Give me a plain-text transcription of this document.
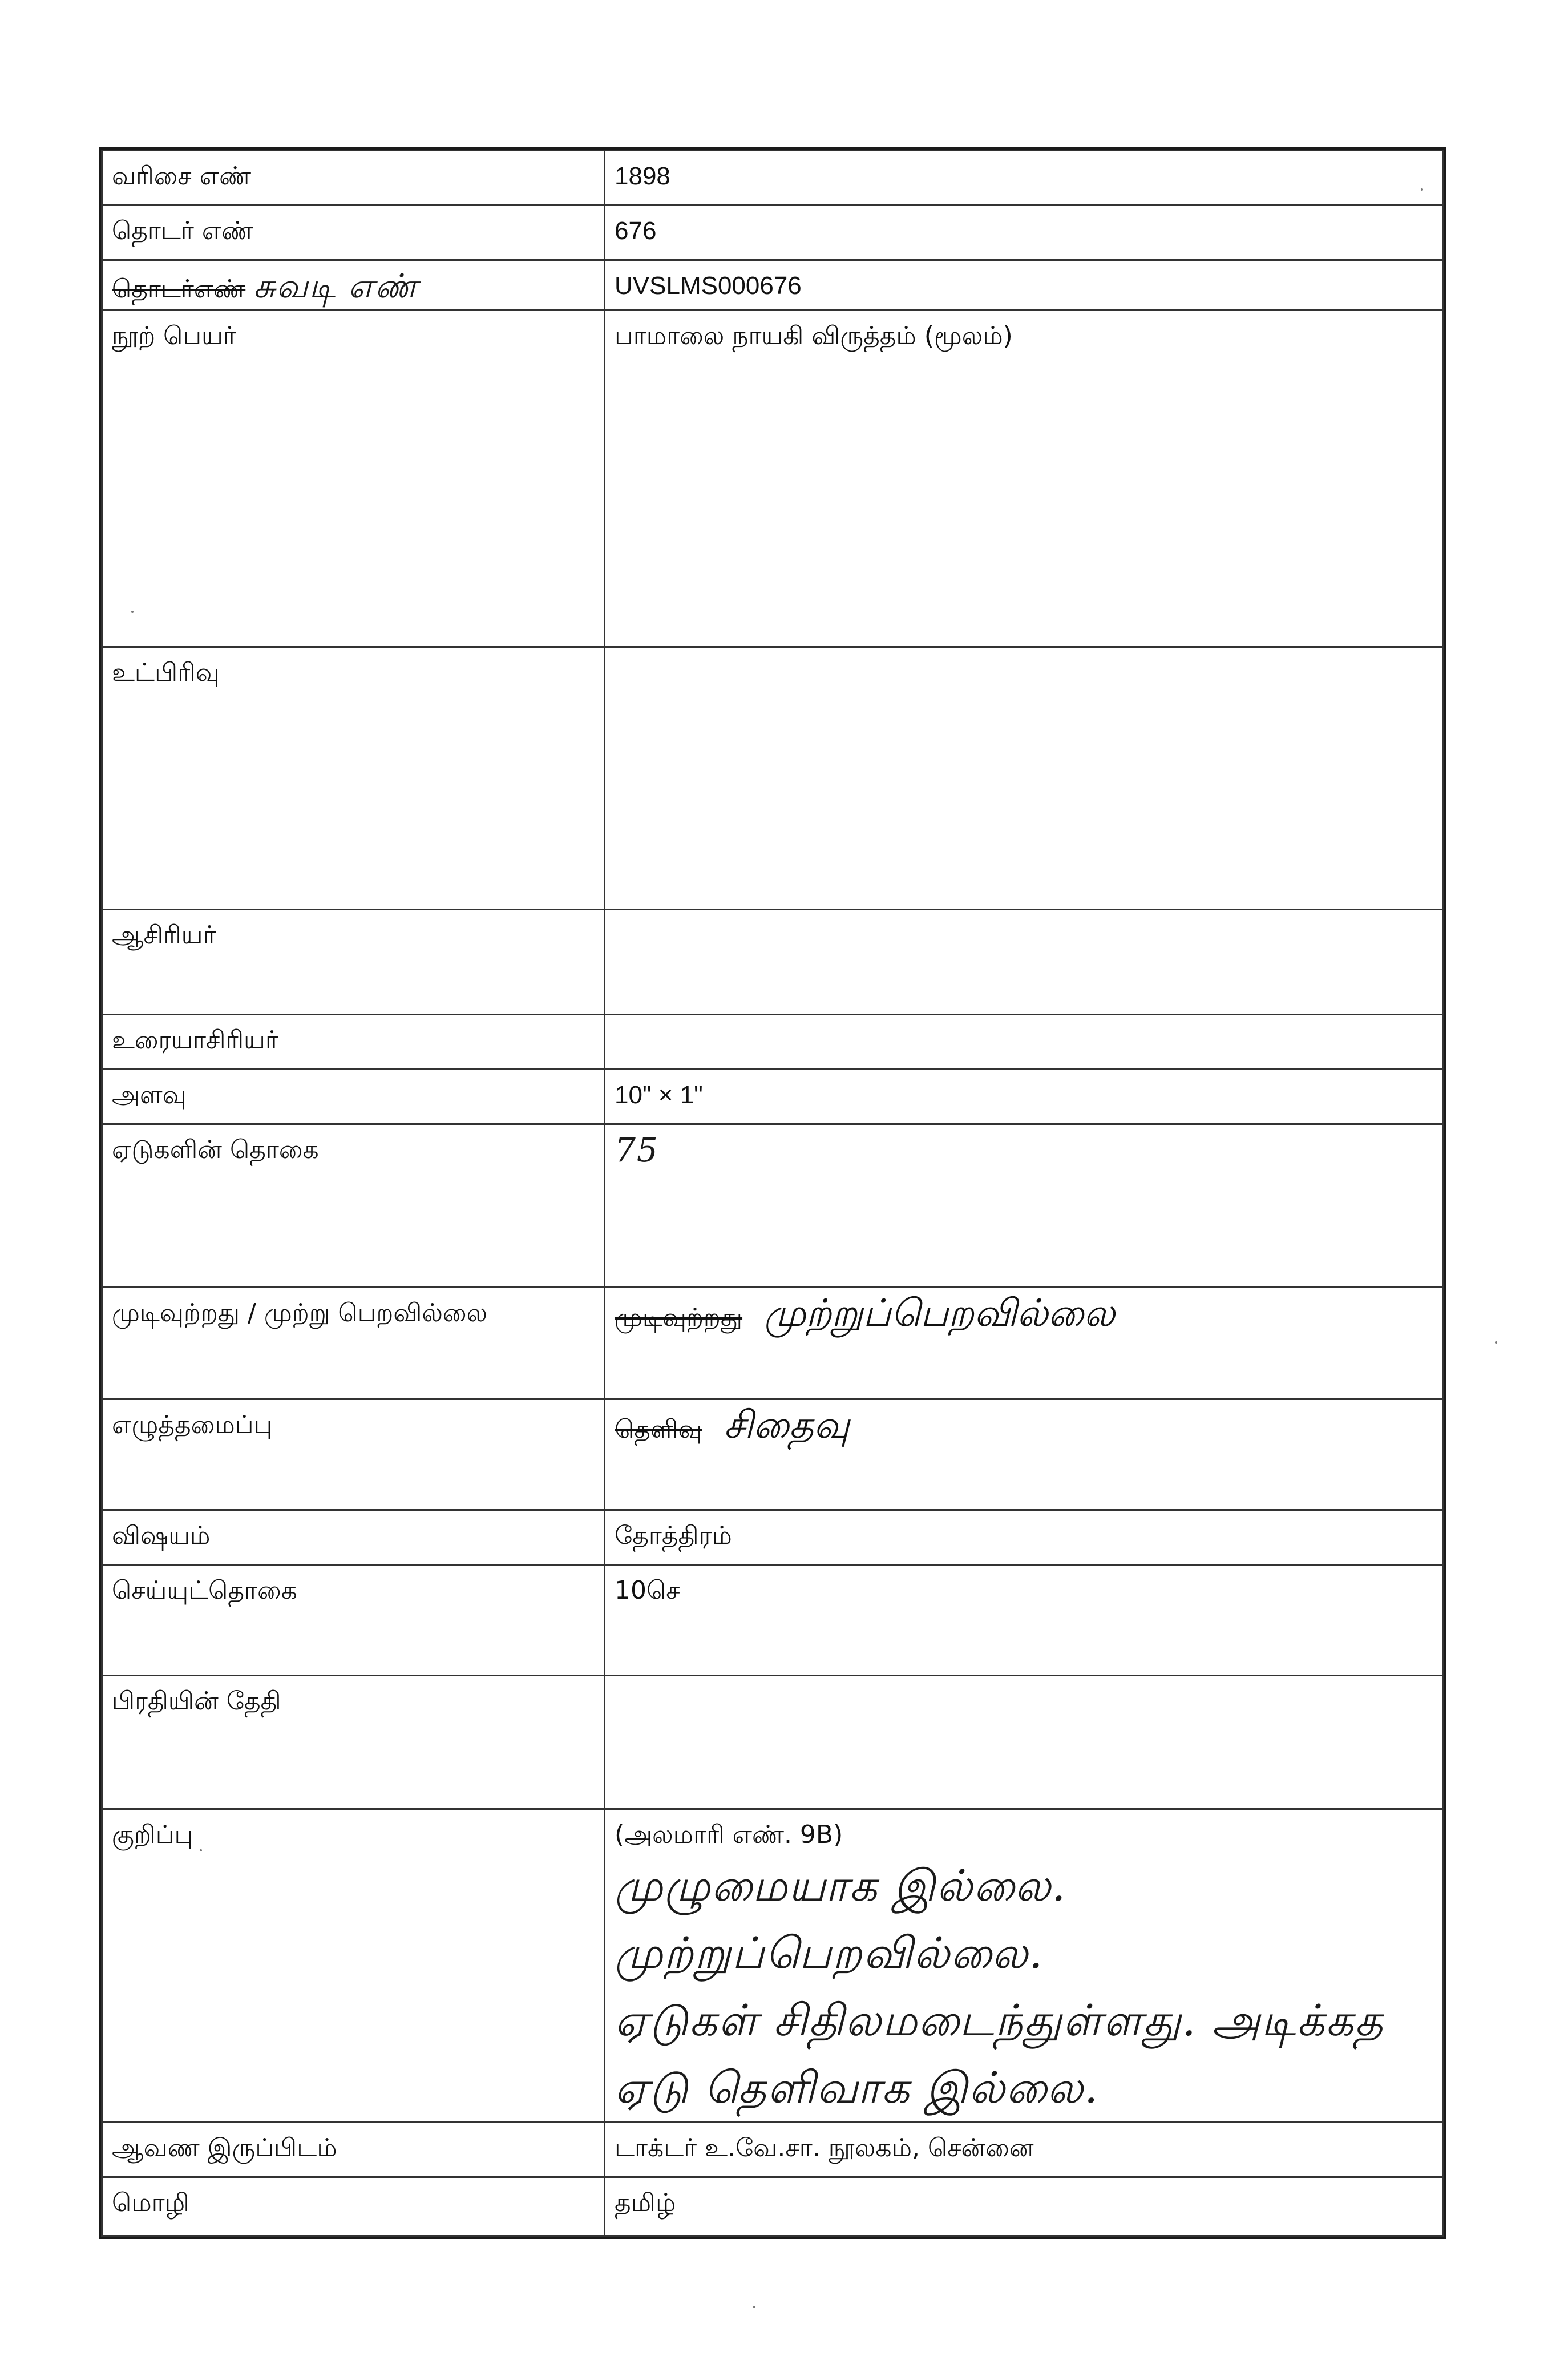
வரிசை எண்	1898
தொடர் எண்	676
தொடர்எண் சுவடி எண்	UVSLMS000676
நூற் பெயர்	பாமாலை நாயகி விருத்தம் (மூலம்)
உட்பிரிவு	
ஆசிரியர்	
உரையாசிரியர்	
அளவு	10" × 1"
ஏடுகளின் தொகை	75
முடிவுற்றது / முற்று பெறவில்லை	முடிவுற்றது முற்றுப்பெறவில்லை
எழுத்தமைப்பு	தெளிவு சிதைவு
விஷயம்	தோத்திரம்
செய்யுட்தொகை	10செ
பிரதியின் தேதி	
குறிப்பு	(அலமாரி எண். 9B)
முழுமையாக இல்லை. முற்றுப்பெறவில்லை.
ஏடுகள் சிதிலமடைந்துள்ளது. அடிக்கத
ஏடு தெளிவாக இல்லை.

ஆவண இருப்பிடம்	டாக்டர் உ.வே.சா. நூலகம், சென்னை
மொழி	தமிழ்
